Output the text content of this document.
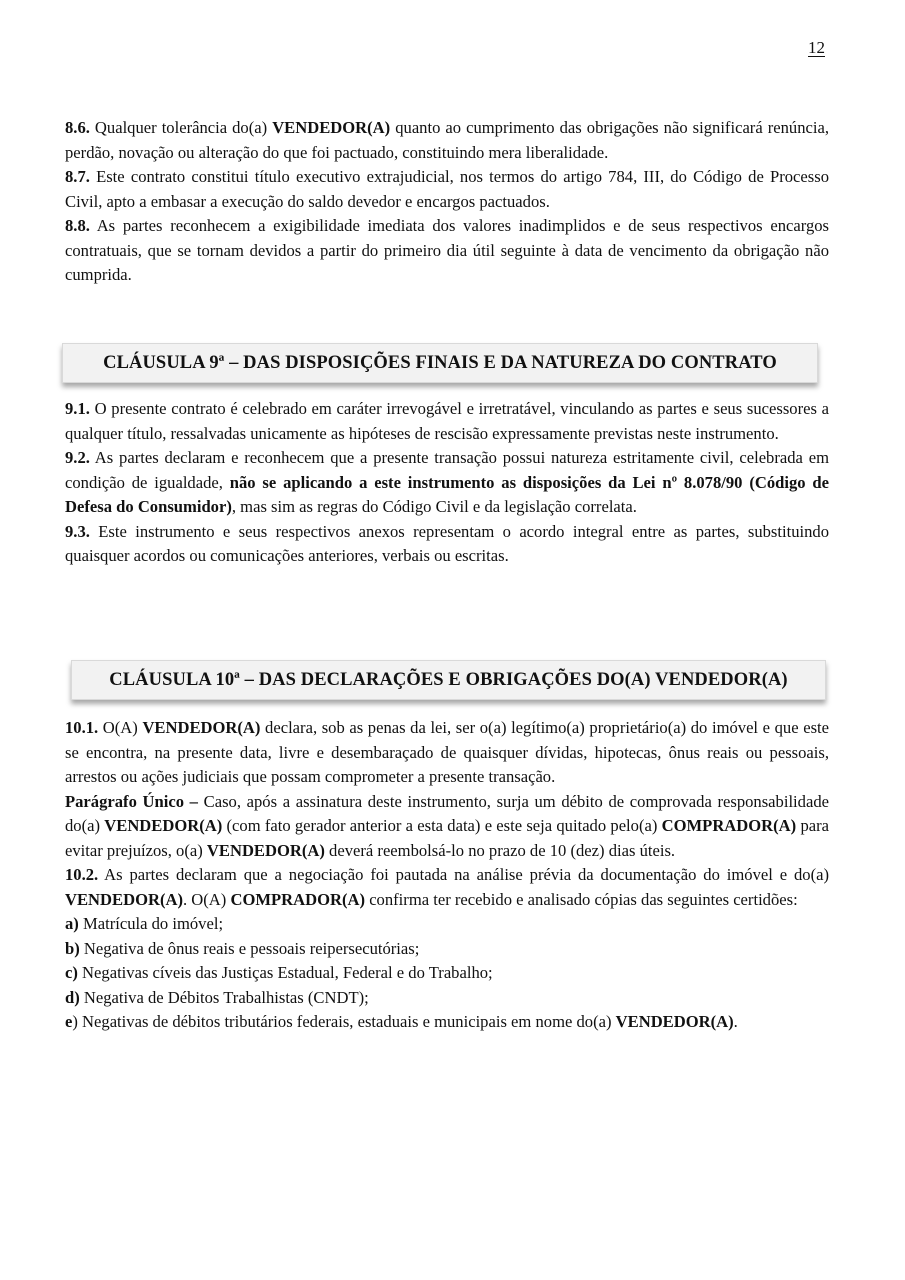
12

8.6. Qualquer tolerância do(a) VENDEDOR(A) quanto ao cumprimento das obrigações não significará renúncia, perdão, novação ou alteração do que foi pactuado, constituindo mera liberalidade.

8.7. Este contrato constitui título executivo extrajudicial, nos termos do artigo 784, III, do Código de Processo Civil, apto a embasar a execução do saldo devedor e encargos pactuados.

8.8. As partes reconhecem a exigibilidade imediata dos valores inadimplidos e de seus respectivos encargos contratuais, que se tornam devidos a partir do primeiro dia útil seguinte à data de vencimento da obrigação não cumprida.

CLÁUSULA 9ª – DAS DISPOSIÇÕES FINAIS E DA NATUREZA DO CONTRATO

9.1. O presente contrato é celebrado em caráter irrevogável e irretratável, vinculando as partes e seus sucessores a qualquer título, ressalvadas unicamente as hipóteses de rescisão expressamente previstas neste instrumento.

9.2. As partes declaram e reconhecem que a presente transação possui natureza estritamente civil, celebrada em condição de igualdade, não se aplicando a este instrumento as disposições da Lei nº 8.078/90 (Código de Defesa do Consumidor), mas sim as regras do Código Civil e da legislação correlata.

9.3. Este instrumento e seus respectivos anexos representam o acordo integral entre as partes, substituindo quaisquer acordos ou comunicações anteriores, verbais ou escritas.

CLÁUSULA 10ª – DAS DECLARAÇÕES E OBRIGAÇÕES DO(A) VENDEDOR(A)

10.1. O(A) VENDEDOR(A) declara, sob as penas da lei, ser o(a) legítimo(a) proprietário(a) do imóvel e que este se encontra, na presente data, livre e desembaraçado de quaisquer dívidas, hipotecas, ônus reais ou pessoais, arrestos ou ações judiciais que possam comprometer a presente transação.

Parágrafo Único – Caso, após a assinatura deste instrumento, surja um débito de comprovada responsabilidade do(a) VENDEDOR(A) (com fato gerador anterior a esta data) e este seja quitado pelo(a) COMPRADOR(A) para evitar prejuízos, o(a) VENDEDOR(A) deverá reembolsá-lo no prazo de 10 (dez) dias úteis.

10.2. As partes declaram que a negociação foi pautada na análise prévia da documentação do imóvel e do(a) VENDEDOR(A). O(A) COMPRADOR(A) confirma ter recebido e analisado cópias das seguintes certidões:

a) Matrícula do imóvel;

b) Negativa de ônus reais e pessoais reipersecutórias;

c) Negativas cíveis das Justiças Estadual, Federal e do Trabalho;

d) Negativa de Débitos Trabalhistas (CNDT);

e) Negativas de débitos tributários federais, estaduais e municipais em nome do(a) VENDEDOR(A).
